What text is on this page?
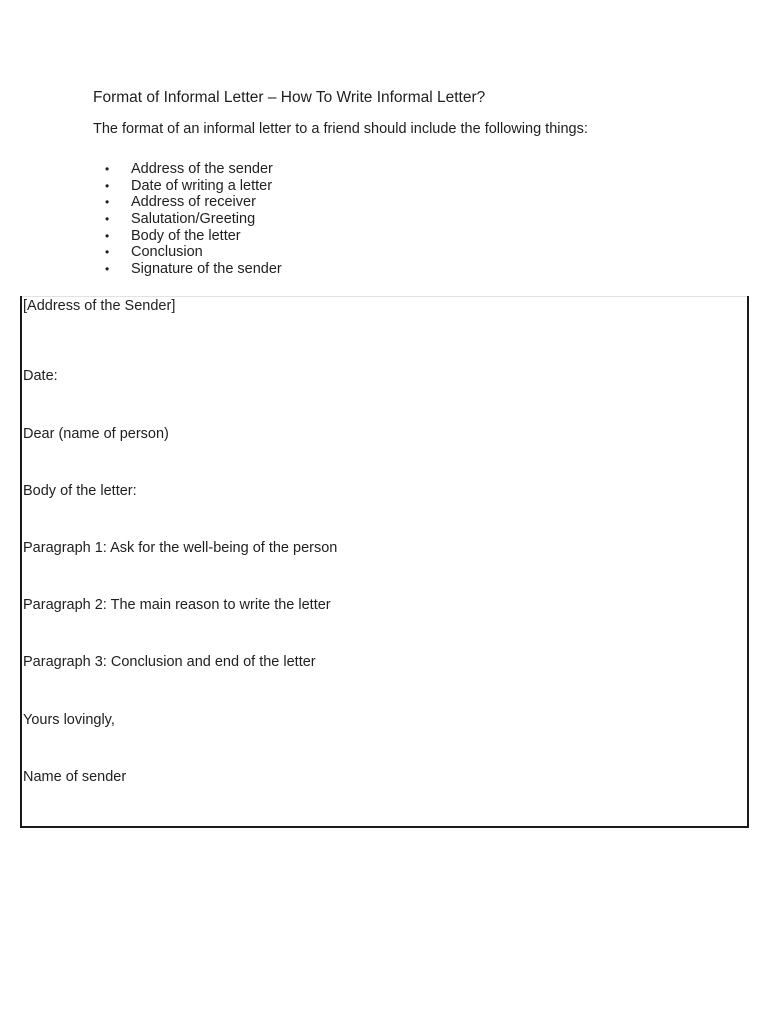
Format of Informal Letter – How To Write Informal Letter?
The format of an informal letter to a friend should include the following things:
• Address of the sender
• Date of writing a letter
• Address of receiver
• Salutation/Greeting
• Body of the letter
• Conclusion
• Signature of the sender
[Address of the Sender]
Date:
Dear (name of person)
Body of the letter:
Paragraph 1: Ask for the well-being of the person
Paragraph 2: The main reason to write the letter
Paragraph 3: Conclusion and end of the letter
Yours lovingly,
Name of sender
